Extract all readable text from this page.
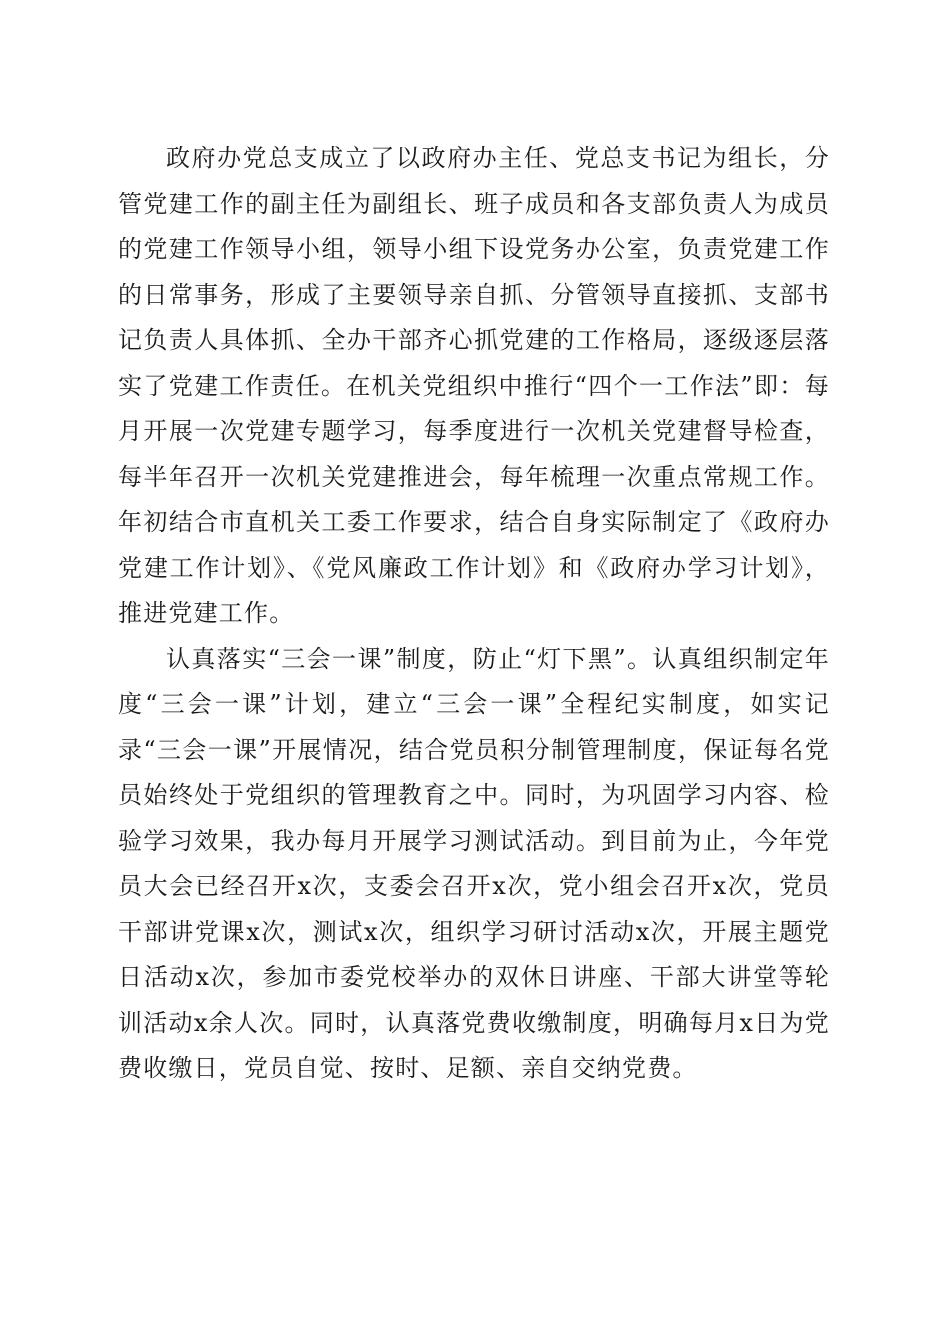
政府办党总支成立了以政府办主任、党总支书记为组长，分管党建工作的副主任为副组长、班子成员和各支部负责人为成员的党建工作领导小组，领导小组下设党务办公室，负责党建工作的日常事务，形成了主要领导亲自抓、分管领导直接抓、支部书记负责人具体抓、全办干部齐心抓党建的工作格局，逐级逐层落实了党建工作责任。在机关党组织中推行“四个一工作法”即：每月开展一次党建专题学习，每季度进行一次机关党建督导检查，每半年召开一次机关党建推进会，每年梳理一次重点常规工作。年初结合市直机关工委工作要求，结合自身实际制定了《政府办党建工作计划》、《党风廉政工作计划》和《政府办学习计划》，推进党建工作。

认真落实“三会一课”制度，防止“灯下黑”。认真组织制定年度“三会一课”计划，建立“三会一课”全程纪实制度，如实记录“三会一课”开展情况，结合党员积分制管理制度，保证每名党员始终处于党组织的管理教育之中。同时，为巩固学习内容、检验学习效果，我办每月开展学习测试活动。到目前为止，今年党员大会已经召开x次，支委会召开x次，党小组会召开x次，党员干部讲党课x次，测试x次，组织学习研讨活动x次，开展主题党日活动x次，参加市委党校举办的双休日讲座、干部大讲堂等轮训活动x余人次。同时，认真落党费收缴制度，明确每月x日为党费收缴日，党员自觉、按时、足额、亲自交纳党费。
